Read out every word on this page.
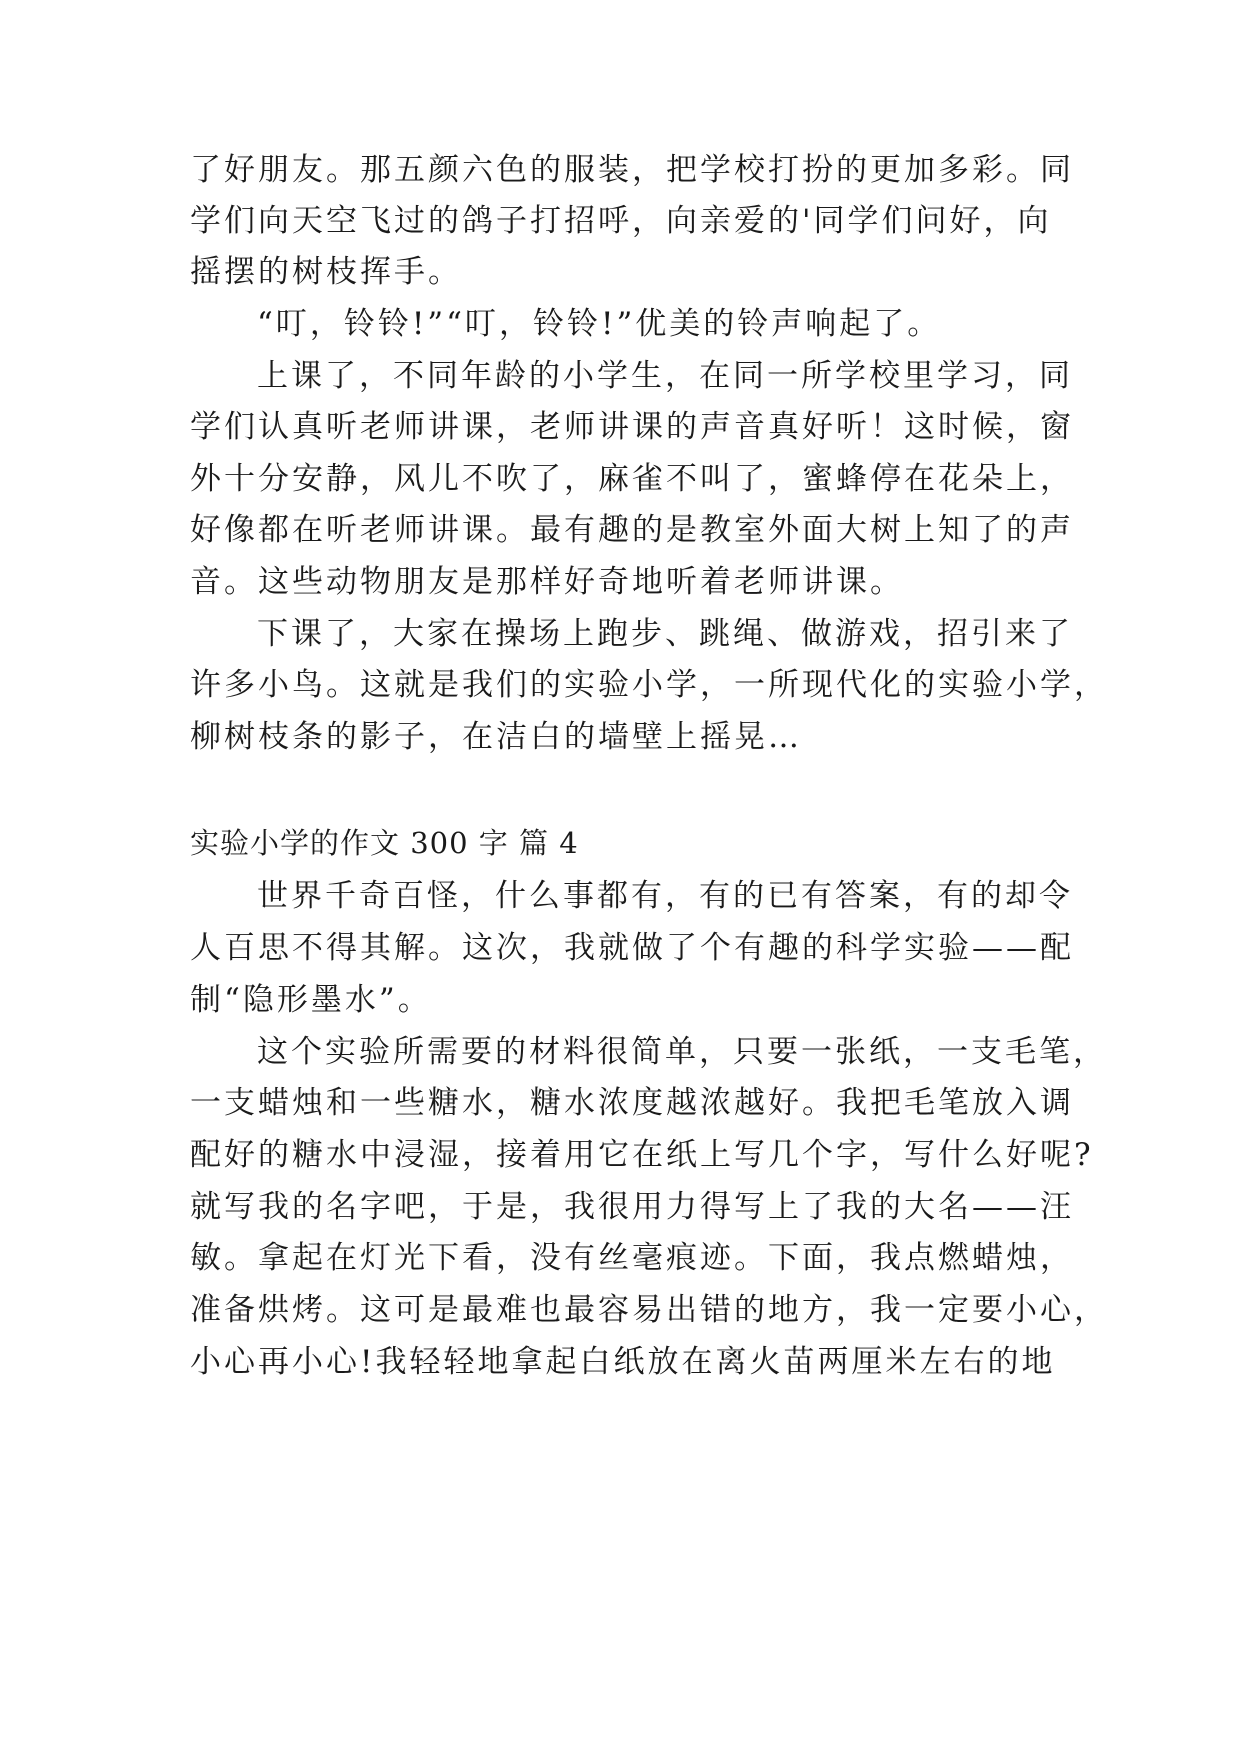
了好朋友。那五颜六色的服装，把学校打扮的更加多彩。同
学们向天空飞过的鸽子打招呼，向亲爱的'同学们问好，向
摇摆的树枝挥手。
“叮，铃铃!”“叮，铃铃!”优美的铃声响起了。
上课了，不同年龄的小学生，在同一所学校里学习，同
学们认真听老师讲课，老师讲课的声音真好听！这时候，窗
外十分安静，风儿不吹了，麻雀不叫了，蜜蜂停在花朵上，
好像都在听老师讲课。最有趣的是教室外面大树上知了的声
音。这些动物朋友是那样好奇地听着老师讲课。
下课了，大家在操场上跑步、跳绳、做游戏，招引来了
许多小鸟。这就是我们的实验小学，一所现代化的实验小学，
柳树枝条的影子，在洁白的墙壁上摇晃…
实验小学的作文 300 字 篇 4
世界千奇百怪，什么事都有，有的已有答案，有的却令
人百思不得其解。这次，我就做了个有趣的科学实验——配
制“隐形墨水”。
这个实验所需要的材料很简单，只要一张纸，一支毛笔，
一支蜡烛和一些糖水，糖水浓度越浓越好。我把毛笔放入调
配好的糖水中浸湿，接着用它在纸上写几个字，写什么好呢?
就写我的名字吧，于是，我很用力得写上了我的大名——汪
敏。拿起在灯光下看，没有丝毫痕迹。下面，我点燃蜡烛，
准备烘烤。这可是最难也最容易出错的地方，我一定要小心，
小心再小心!我轻轻地拿起白纸放在离火苗两厘米左右的地
